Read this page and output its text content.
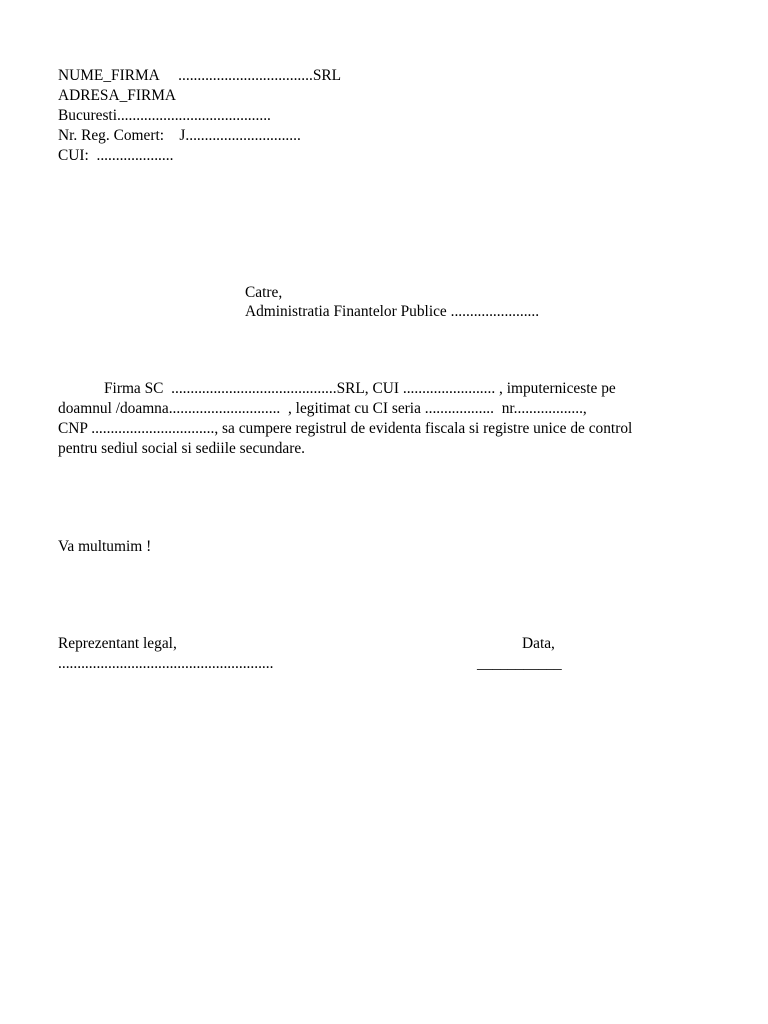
NUME_FIRMA     ...................................SRL
ADRESA_FIRMA
Bucuresti........................................
Nr. Reg. Comert:    J..............................
CUI:  ....................
Catre,
Administratia Finantelor Publice .......................
Firma SC  ...........................................SRL, CUI ........................ , imputerniceste pe
doamnul /doamna.............................  , legitimat cu CI seria ..................  nr..................,
CNP ................................, sa cumpere registrul de evidenta fiscala si registre unice de control
pentru sediul social si sediile secundare.
Va multumim !
Reprezentant legal,
........................................................
Data,
___________
